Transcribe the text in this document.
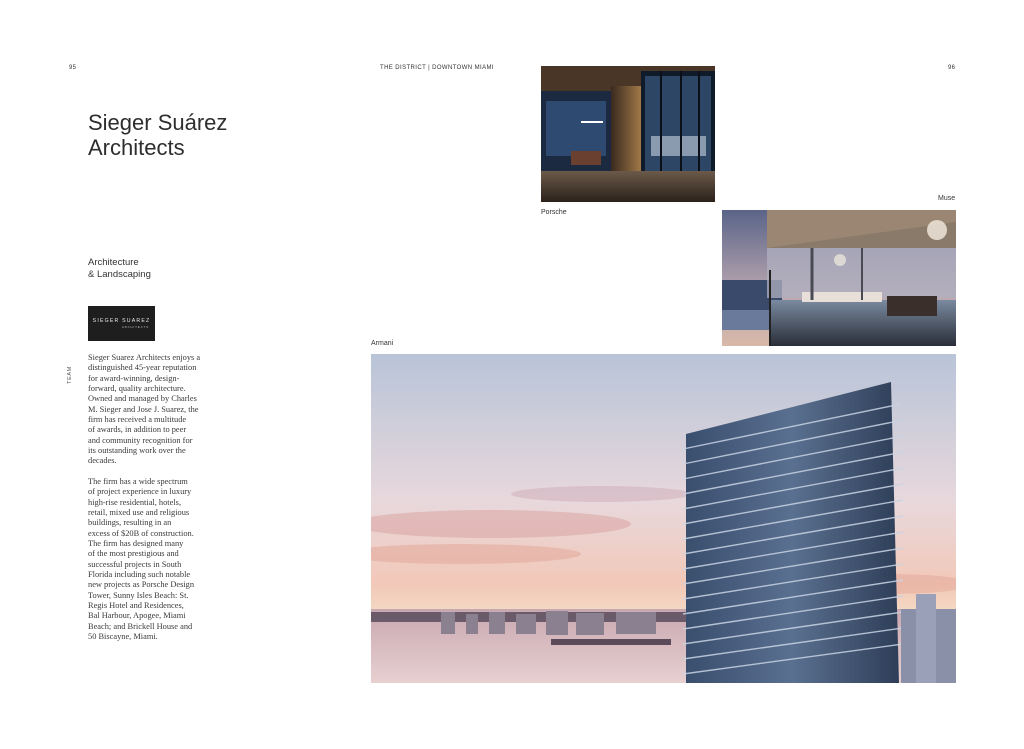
95	THE DISTRICT | DOWNTOWN MIAMI	96
Sieger Suárez
Architects
Architecture
& Landscaping
SIEGER SUAREZ
ARCHITECTS
TEAM
Sieger Suarez Architects enjoys a
distinguished 45-year reputation
for award-winning, design-
forward, quality architecture.
Owned and managed by Charles
M. Sieger and Jose J. Suarez, the
firm has received a multitude
of awards, in addition to peer
and community recognition for
its outstanding work over the
decades.
The firm has a wide spectrum
of project experience in luxury
high-rise residential, hotels,
retail, mixed use and religious
buildings, resulting in an
excess of $20B of construction.
The firm has designed many
of the most prestigious and
successful projects in South
Florida including such notable
new projects as Porsche Design
Tower, Sunny Isles Beach: St.
Regis Hotel and Residences,
Bal Harbour, Apogee, Miami
Beach; and Brickell House and
50 Biscayne, Miami.
Porsche
Muse
Armani
